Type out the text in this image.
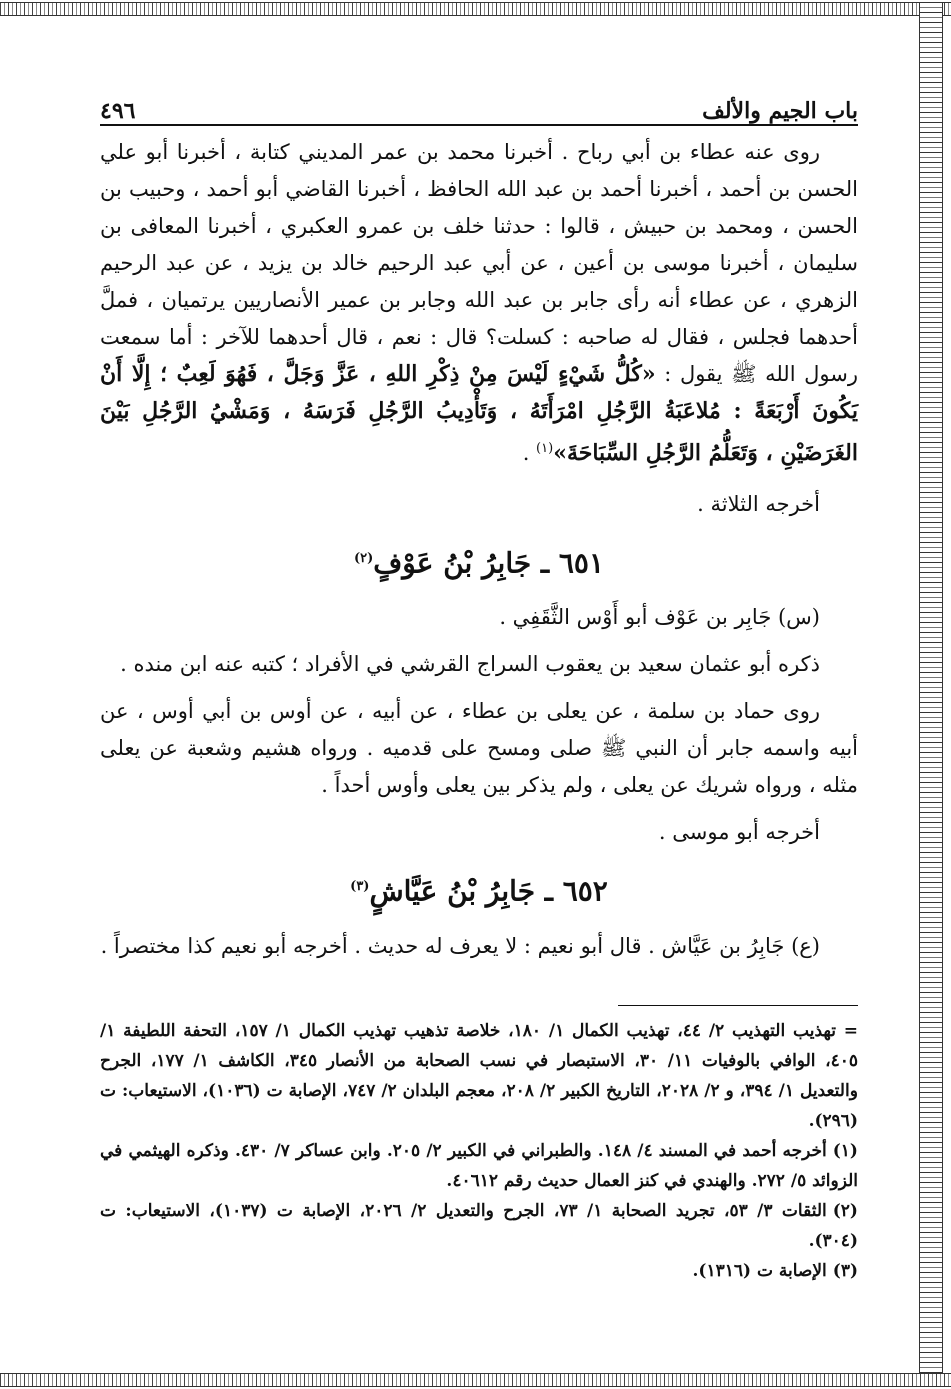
باب الجيم والألف
٤٩٦

روى عنه عطاء بن أبي رباح . أخبرنا محمد بن عمر المديني كتابة ، أخبرنا أبو علي الحسن بن أحمد ، أخبرنا أحمد بن عبد الله الحافظ ، أخبرنا القاضي أبو أحمد ، وحبيب بن الحسن ، ومحمد بن حبيش ، قالوا : حدثنا خلف بن عمرو العكبري ، أخبرنا المعافى بن سليمان ، أخبرنا موسى بن أعين ، عن أبي عبد الرحيم خالد بن يزيد ، عن عبد الرحيم الزهري ، عن عطاء أنه رأى جابر بن عبد الله وجابر بن عمير الأنصاريين يرتميان ، فملَّ أحدهما فجلس ، فقال له صاحبه : كسلت؟ قال : نعم ، قال أحدهما للآخر : أما سمعت رسول الله ﷺ يقول : «كُلُّ شَيْءٍ لَيْسَ مِنْ ذِكْرِ اللهِ ، عَزَّ وَجَلَّ ، فَهُوَ لَعِبٌ ؛ إِلَّا أَنْ يَكُونَ أَرْبَعَةً : مُلاعَبَةُ الرَّجُلِ امْرَأَتَهُ ، وَتَأْدِيبُ الرَّجُلِ فَرَسَهُ ، وَمَشْيُ الرَّجُلِ بَيْنَ الغَرَضَيْنِ ، وَتَعَلُّمُ الرَّجُلِ السِّبَاحَةَ»$^{(١)}$ .

أخرجه الثلاثة .

٦٥١ ـ جَابِرُ بْنُ عَوْفٍ$^{(٢)}$

(س) جَابِر بن عَوْف أبو أَوْس الثَّقَفِي .

ذكره أبو عثمان سعيد بن يعقوب السراج القرشي في الأفراد ؛ كتبه عنه ابن منده .

روى حماد بن سلمة ، عن يعلى بن عطاء ، عن أبيه ، عن أوس بن أبي أوس ، عن أبيه واسمه جابر أن النبي ﷺ صلى ومسح على قدميه . ورواه هشيم وشعبة عن يعلى مثله ، ورواه شريك عن يعلى ، ولم يذكر بين يعلى وأوس أحداً .

أخرجه أبو موسى .

٦٥٢ ـ جَابِرُ بْنُ عَيَّاشٍ$^{(٣)}$

(ع) جَابِرُ بن عَيَّاش . قال أبو نعيم : لا يعرف له حديث . أخرجه أبو نعيم كذا مختصراً .

= تهذيب التهذيب ٢/ ٤٤، تهذيب الكمال ١/ ١٨٠، خلاصة تذهيب تهذيب الكمال ١/ ١٥٧، التحفة اللطيفة ١/ ٤٠٥، الوافي بالوفيات ١١/ ٣٠، الاستبصار في نسب الصحابة من الأنصار ٣٤٥، الكاشف ١/ ١٧٧، الجرح والتعديل ١/ ٣٩٤، و ٢/ ٢٠٢٨، التاريخ الكبير ٢/ ٢٠٨، معجم البلدان ٢/ ٧٤٧، الإصابة ت (١٠٣٦)، الاستيعاب: ت (٢٩٦).

(١)أخرجه أحمد في المسند ٤/ ١٤٨. والطبراني في الكبير ٢/ ٢٠٥. وابن عساكر ٧/ ٤٣٠. وذكره الهيثمي في الزوائد ٥/ ٢٧٢. والهندي في كنز العمال حديث رقم ٤٠٦١٢.

(٢)الثقات ٣/ ٥٣، تجريد الصحابة ١/ ٧٣، الجرح والتعديل ٢/ ٢٠٢٦، الإصابة ت (١٠٣٧)، الاستيعاب: ت (٣٠٤).

(٣)الإصابة ت (١٣١٦).
